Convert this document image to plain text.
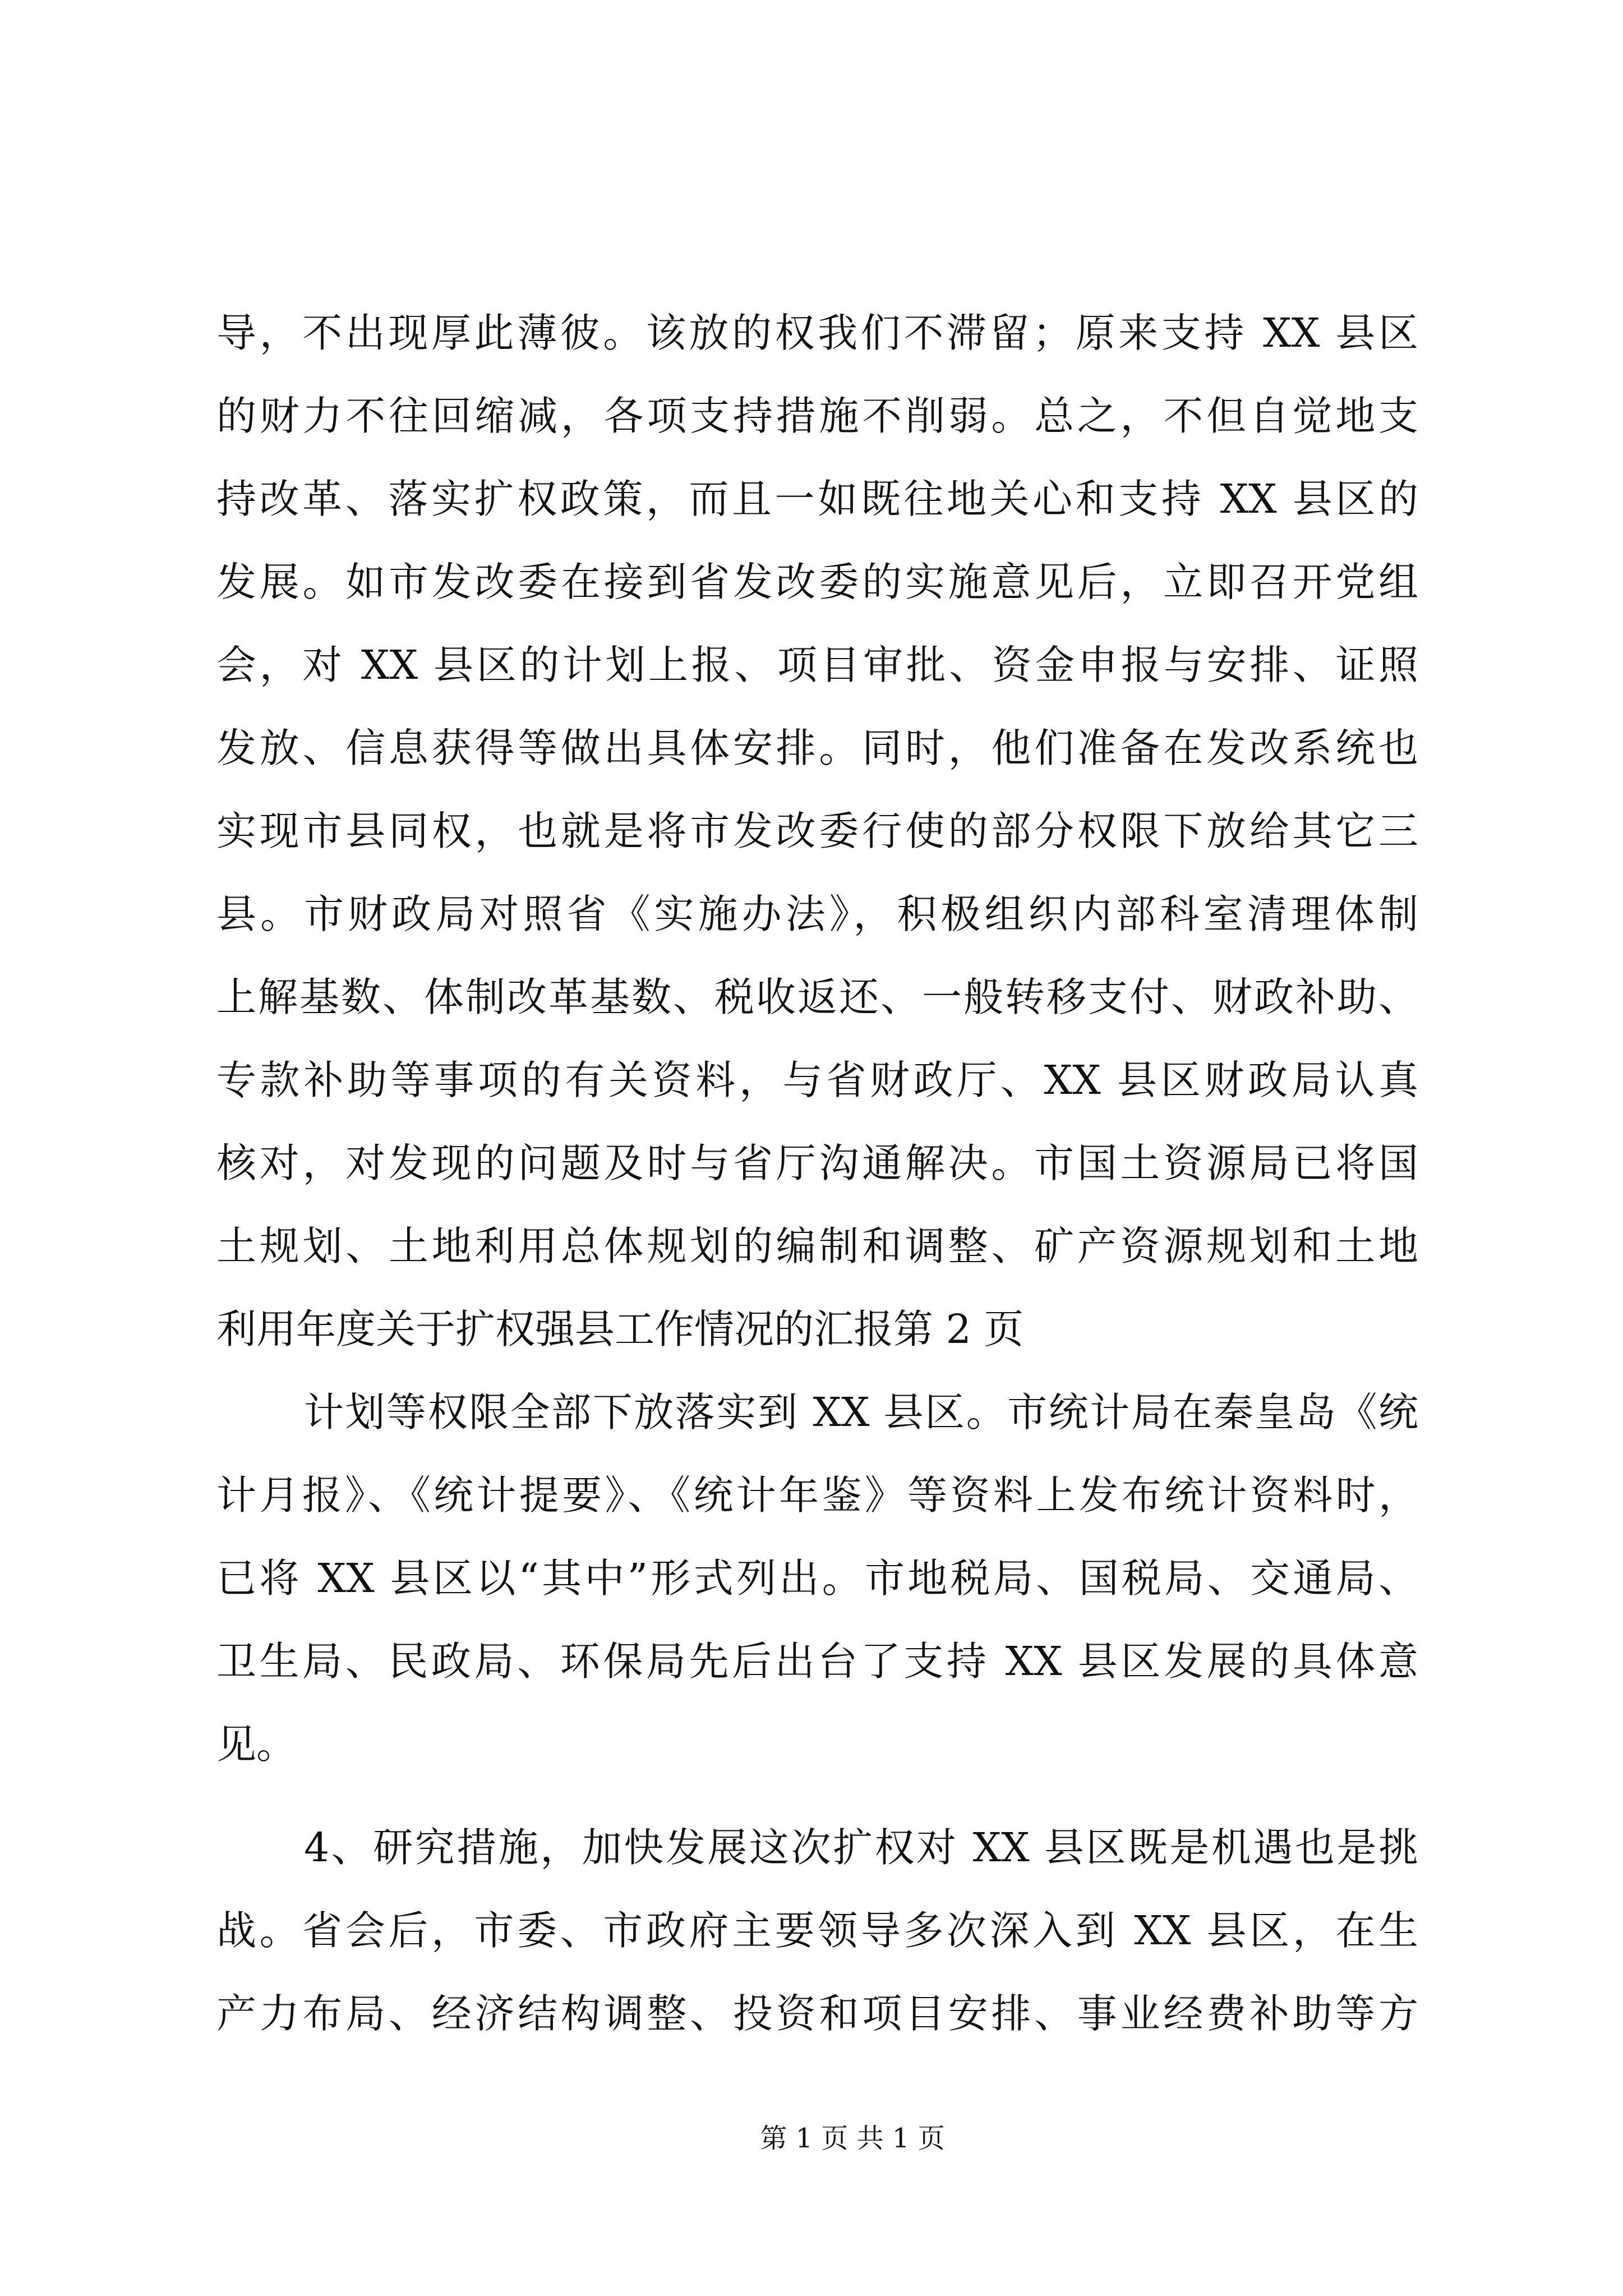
导，不出现厚此薄彼。该放的权我们不滞留；原来支持 XX 县区
的财力不往回缩减，各项支持措施不削弱。总之，不但自觉地支
持改革、落实扩权政策，而且一如既往地关心和支持 XX 县区的
发展。如市发改委在接到省发改委的实施意见后，立即召开党组
会，对 XX 县区的计划上报、项目审批、资金申报与安排、证照
发放、信息获得等做出具体安排。同时，他们准备在发改系统也
实现市县同权，也就是将市发改委行使的部分权限下放给其它三
县。市财政局对照省《实施办法》，积极组织内部科室清理体制
上解基数、体制改革基数、税收返还、一般转移支付、财政补助、
专款补助等事项的有关资料，与省财政厅、XX 县区财政局认真
核对，对发现的问题及时与省厅沟通解决。市国土资源局已将国
土规划、土地利用总体规划的编制和调整、矿产资源规划和土地
利用年度关于扩权强县工作情况的汇报第 2 页
计划等权限全部下放落实到 XX 县区。市统计局在秦皇岛《统
计月报》、《统计提要》、《统计年鉴》等资料上发布统计资料时，
已将 XX 县区以“其中”形式列出。市地税局、国税局、交通局、
卫生局、民政局、环保局先后出台了支持 XX 县区发展的具体意
见。
4、研究措施，加快发展这次扩权对 XX 县区既是机遇也是挑
战。省会后，市委、市政府主要领导多次深入到 XX 县区，在生
产力布局、经济结构调整、投资和项目安排、事业经费补助等方
第 1 页 共 1 页
